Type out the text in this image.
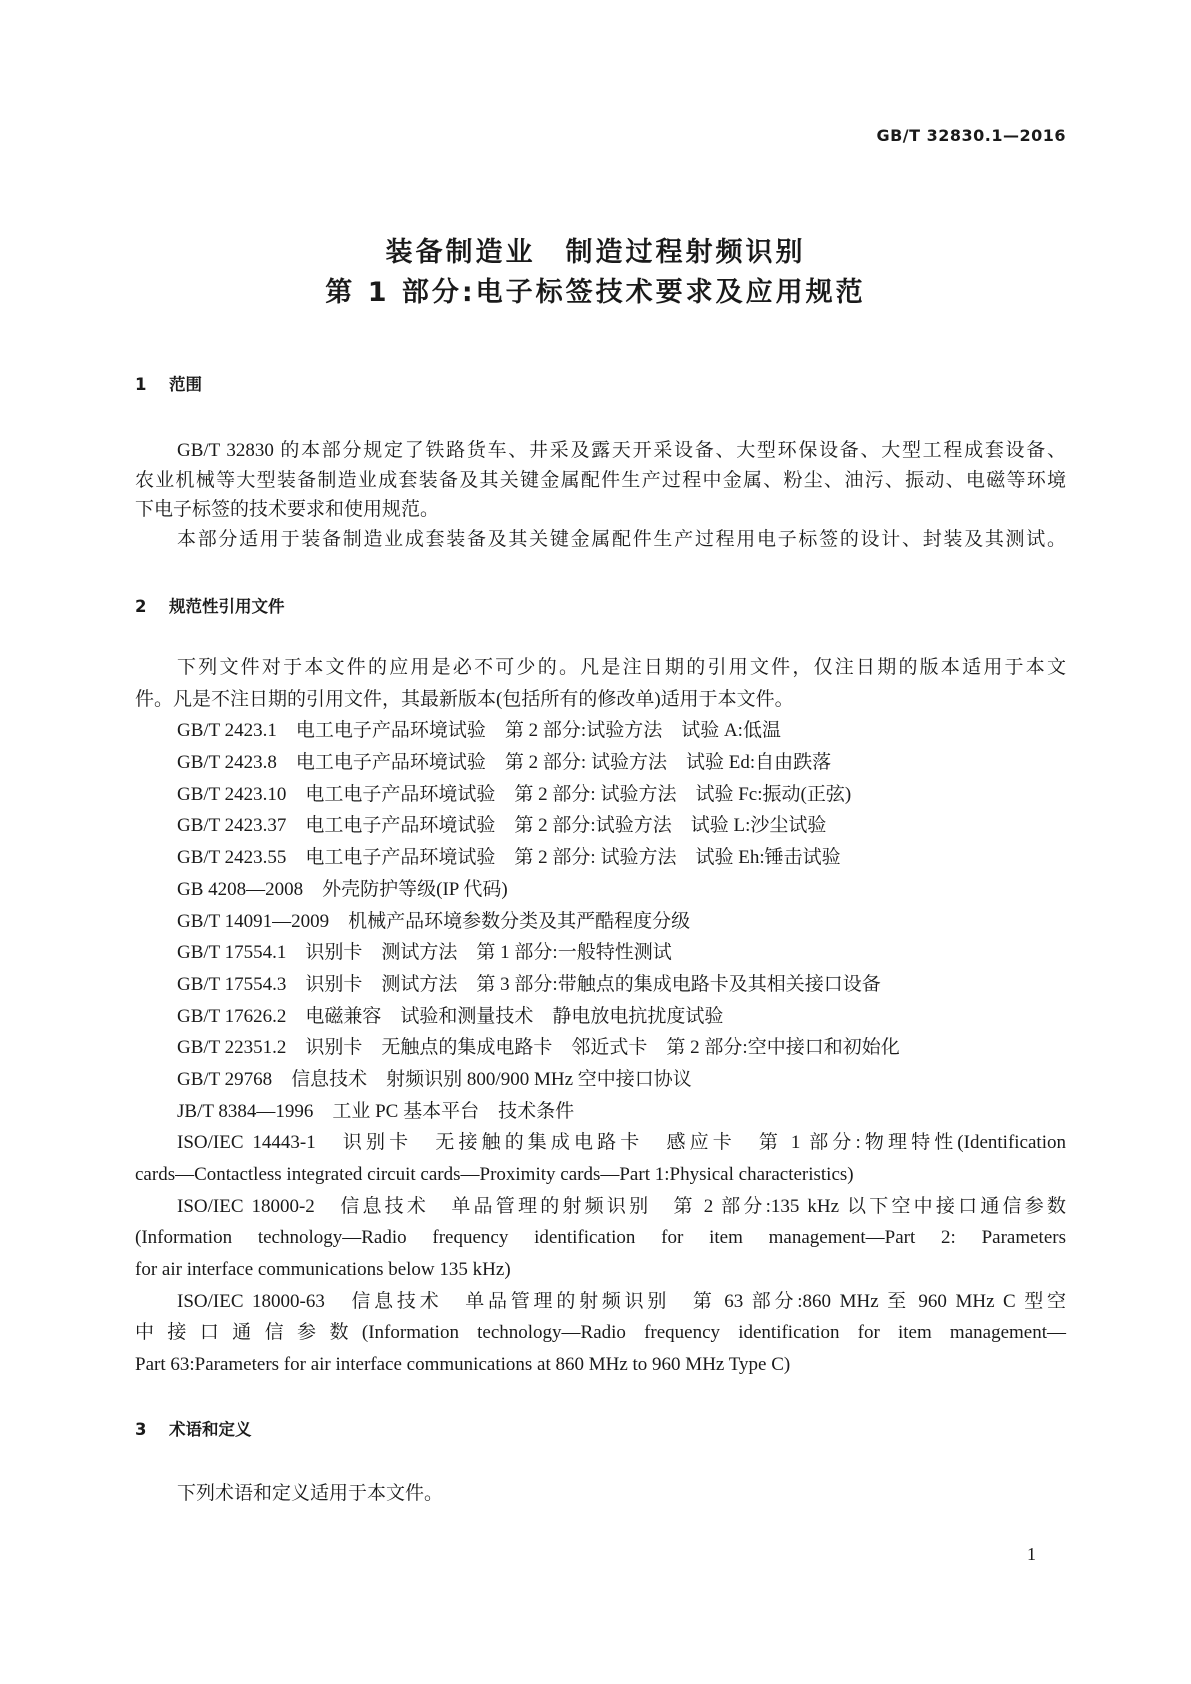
GB/T 32830.1—2016
装备制造业　制造过程射频识别
第 1 部分:电子标签技术要求及应用规范
1 范围
GB/T 32830 的本部分规定了铁路货车、井采及露天开采设备、大型环保设备、大型工程成套设备、
农业机械等大型装备制造业成套装备及其关键金属配件生产过程中金属、粉尘、油污、振动、电磁等环境
下电子标签的技术要求和使用规范。
本部分适用于装备制造业成套装备及其关键金属配件生产过程用电子标签的设计、封装及其测试。
2 规范性引用文件
下列文件对于本文件的应用是必不可少的。凡是注日期的引用文件，仅注日期的版本适用于本文
件。凡是不注日期的引用文件，其最新版本(包括所有的修改单)适用于本文件。
GB/T 2423.1　电工电子产品环境试验　第 2 部分:试验方法　试验 A:低温
GB/T 2423.8　电工电子产品环境试验　第 2 部分: 试验方法　试验 Ed:自由跌落
GB/T 2423.10　电工电子产品环境试验　第 2 部分: 试验方法　试验 Fc:振动(正弦)
GB/T 2423.37　电工电子产品环境试验　第 2 部分:试验方法　试验 L:沙尘试验
GB/T 2423.55　电工电子产品环境试验　第 2 部分: 试验方法　试验 Eh:锤击试验
GB 4208—2008　外壳防护等级(IP 代码)
GB/T 14091—2009　机械产品环境参数分类及其严酷程度分级
GB/T 17554.1　识别卡　测试方法　第 1 部分:一般特性测试
GB/T 17554.3　识别卡　测试方法　第 3 部分:带触点的集成电路卡及其相关接口设备
GB/T 17626.2　电磁兼容　试验和测量技术　静电放电抗扰度试验
GB/T 22351.2　识别卡　无触点的集成电路卡　邻近式卡　第 2 部分:空中接口和初始化
GB/T 29768　信息技术　射频识别 800/900 MHz 空中接口协议
JB/T 8384—1996　工业 PC 基本平台　技术条件
ISO/IEC 14443-1　识别卡　无接触的集成电路卡　感应卡　第 1 部分:物理特性(Identification
cards—Contactless integrated circuit cards—Proximity cards—Part 1:Physical characteristics)
ISO/IEC 18000-2　信息技术　单品管理的射频识别　第 2 部分:135 kHz 以下空中接口通信参数
(Information technology—Radio frequency identification for item management—Part 2: Parameters
for air interface communications below 135 kHz)
ISO/IEC 18000-63　信息技术　单品管理的射频识别　第 63 部分:860 MHz 至 960 MHz C 型空
中接口通信参数(Information technology—Radio frequency identification for item management—
Part 63:Parameters for air interface communications at 860 MHz to 960 MHz Type C)
3 术语和定义
下列术语和定义适用于本文件。
1
